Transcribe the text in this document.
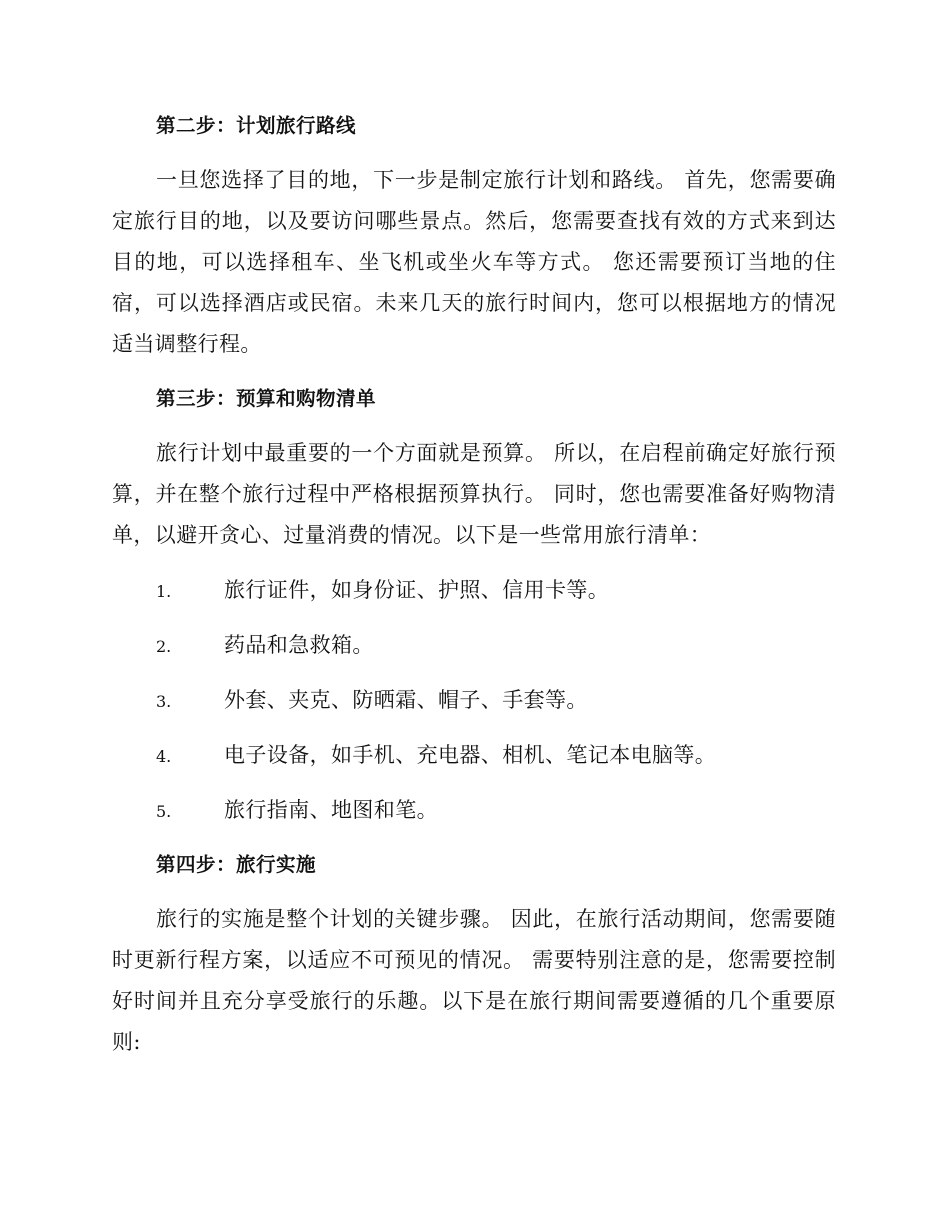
第二步：计划旅行路线

一旦您选择了目的地，下一步是制定旅行计划和路线。 首先，您需要确定旅行目的地，以及要访问哪些景点。然后，您需要查找有效的方式来到达目的地，可以选择租车、坐飞机或坐火车等方式。 您还需要预订当地的住宿，可以选择酒店或民宿。未来几天的旅行时间内，您可以根据地方的情况适当调整行程。

第三步：预算和购物清单

旅行计划中最重要的一个方面就是预算。 所以，在启程前确定好旅行预算，并在整个旅行过程中严格根据预算执行。 同时，您也需要准备好购物清单，以避开贪心、过量消费的情况。以下是一些常用旅行清单：

1.	旅行证件，如身份证、护照、信用卡等。
2.	药品和急救箱。
3.	外套、夹克、防晒霜、帽子、手套等。
4.	电子设备，如手机、充电器、相机、笔记本电脑等。
5.	旅行指南、地图和笔。
第四步：旅行实施

旅行的实施是整个计划的关键步骤。 因此，在旅行活动期间，您需要随时更新行程方案，以适应不可预见的情况。 需要特别注意的是，您需要控制好时间并且充分享受旅行的乐趣。以下是在旅行期间需要遵循的几个重要原则:
